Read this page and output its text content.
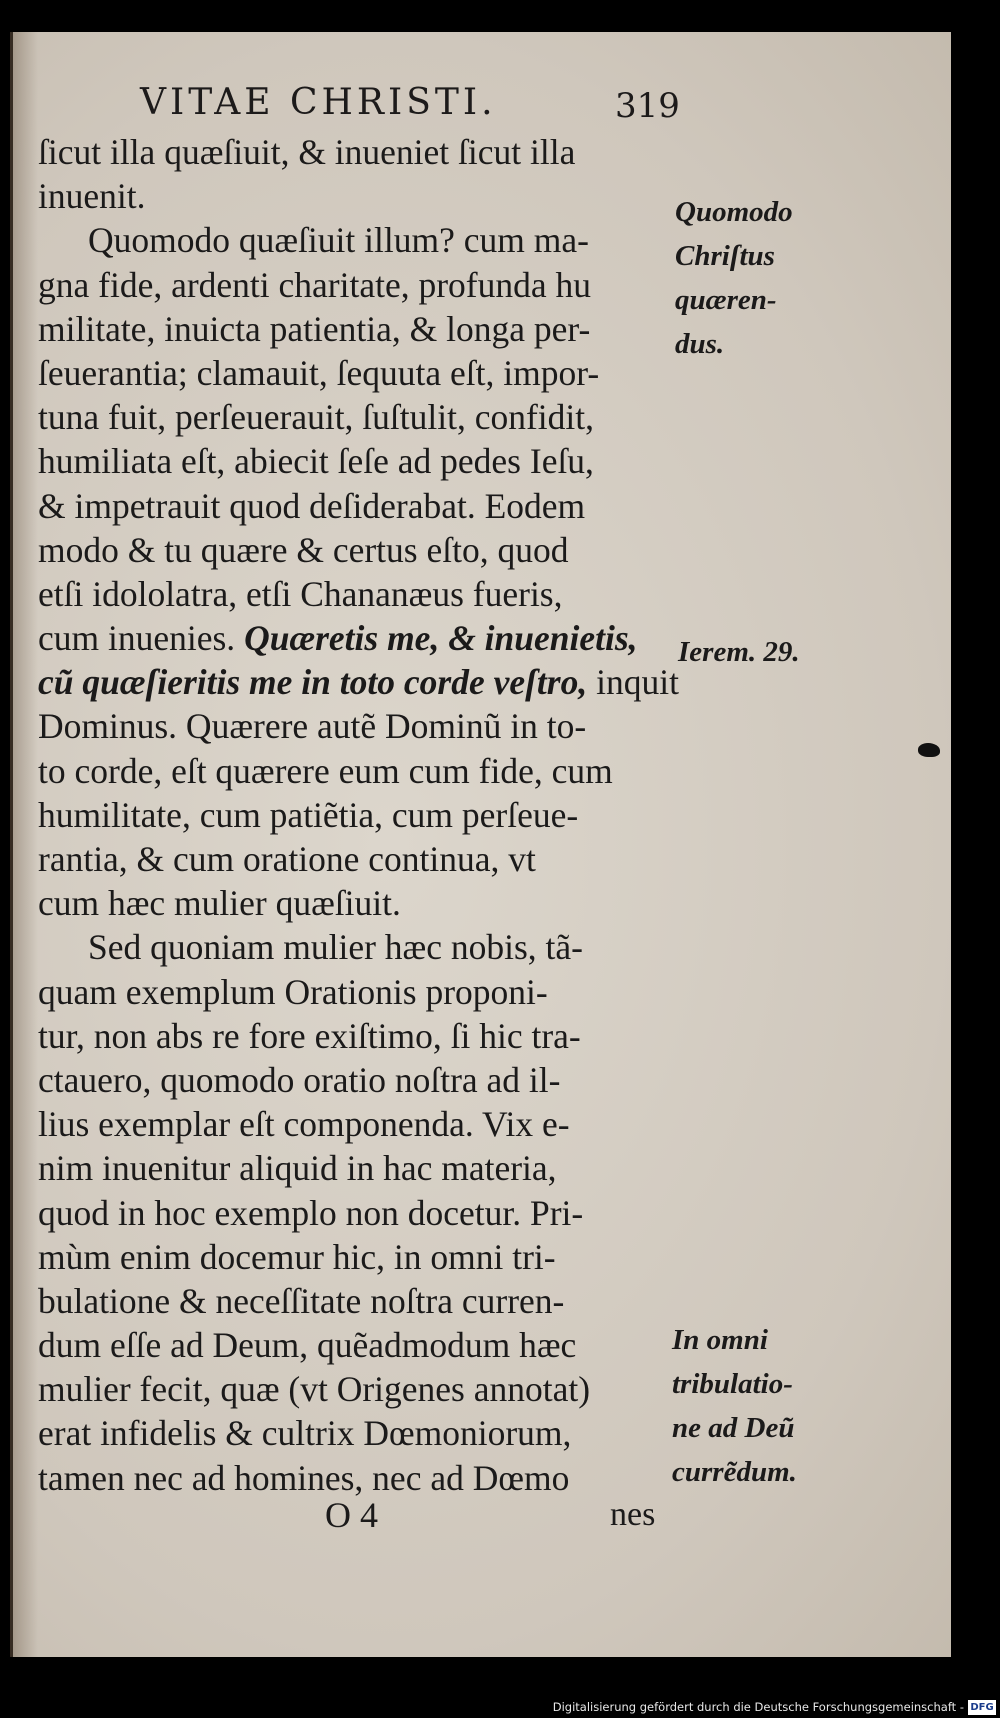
VITAE CHRISTI.	319
ſicut illa quæſiuit, & inueniet ſicut illa
inuenit.
Quomodo quæſiuit illum? cum ma-
gna fide, ardenti charitate, profunda hu
militate, inuicta patientia, & longa per-
ſeuerantia; clamauit, ſequuta eſt, impor-
tuna fuit, perſeuerauit, ſuſtulit, confidit,
humiliata eſt, abiecit ſeſe ad pedes Ieſu,
& impetrauit quod deſiderabat. Eodem
modo & tu quære & certus eſto, quod
etſi idololatra, etſi Chananæus fueris,
cum inuenies. Quæretis me, & inuenietis,
cũ quæſieritis me in toto corde veſtro, inquit
Dominus. Quærere autẽ Dominũ in to-
to corde, eſt quærere eum cum fide, cum
humilitate, cum patiẽtia, cum perſeue-
rantia, & cum oratione continua, vt
cum hæc mulier quæſiuit.
Sed quoniam mulier hæc nobis, tã-
quam exemplum Orationis proponi-
tur, non abs re fore exiſtimo, ſi hic tra-
ctauero, quomodo oratio noſtra ad il-
lius exemplar eſt componenda. Vix e-
nim inuenitur aliquid in hac materia,
quod in hoc exemplo non docetur. Pri-
mùm enim docemur hic, in omni tri-
bulatione & neceſſitate noſtra curren-
dum eſſe ad Deum, quẽadmodum hæc
mulier fecit, quæ (vt Origenes annotat)
erat infidelis & cultrix Dœmoniorum,
tamen nec ad homines, nec ad Dœmo
Quomodo
Chriſtus
quæren-
dus.
Ierem. 29.
In omni
tribulatio-
ne ad Deũ
currẽdum.
O 4	nes
Digitalisierung gefördert durch die Deutsche Forschungsgemeinschaft - DFG
